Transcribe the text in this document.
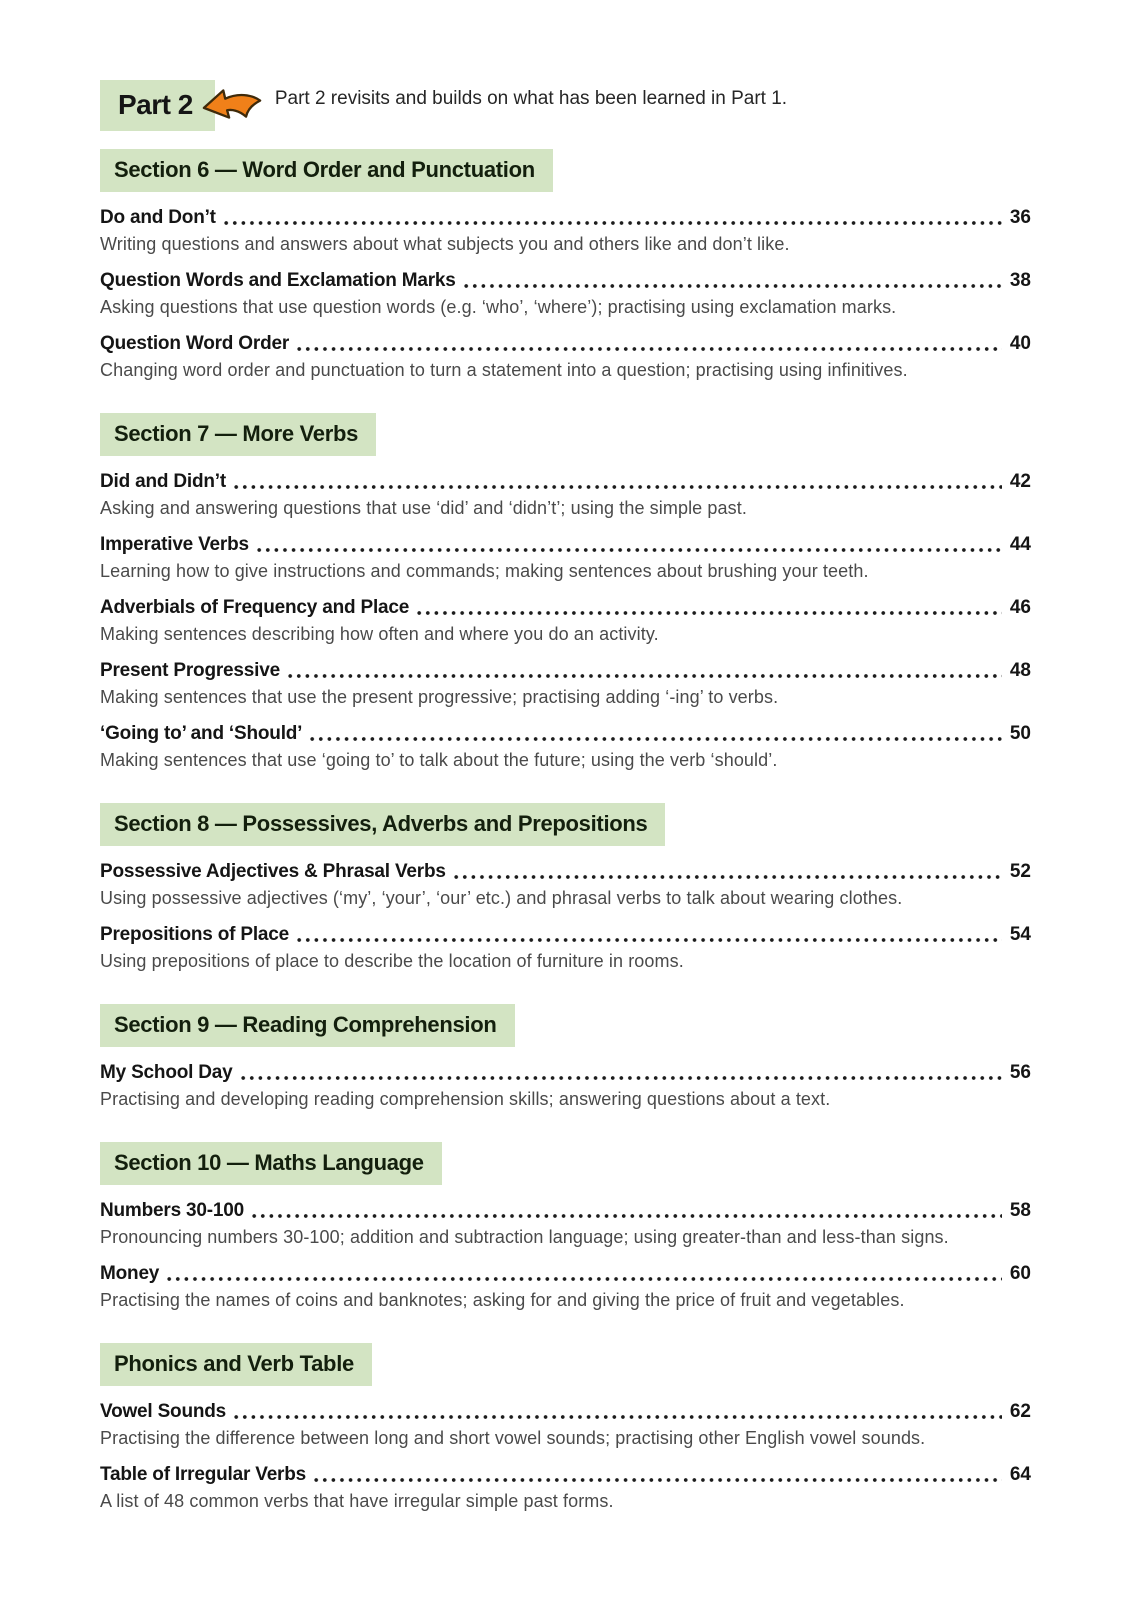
Part 2	Part 2 revisits and builds on what has been learned in Part 1.
Section 6 — Word Order and Punctuation
Do and Don’t	36
Writing questions and answers about what subjects you and others like and don’t like.
Question Words and Exclamation Marks	38
Asking questions that use question words (e.g. ‘who’, ‘where’); practising using exclamation marks.
Question Word Order	40
Changing word order and punctuation to turn a statement into a question; practising using infinitives.
Section 7 — More Verbs
Did and Didn’t	42
Asking and answering questions that use ‘did’ and ‘didn’t’; using the simple past.
Imperative Verbs	44
Learning how to give instructions and commands; making sentences about brushing your teeth.
Adverbials of Frequency and Place	46
Making sentences describing how often and where you do an activity.
Present Progressive	48
Making sentences that use the present progressive; practising adding ‘-ing’ to verbs.
‘Going to’ and ‘Should’	50
Making sentences that use ‘going to’ to talk about the future; using the verb ‘should’.
Section 8 — Possessives, Adverbs and Prepositions
Possessive Adjectives & Phrasal Verbs	52
Using possessive adjectives (‘my’, ‘your’, ‘our’ etc.) and phrasal verbs to talk about wearing clothes.
Prepositions of Place	54
Using prepositions of place to describe the location of furniture in rooms.
Section 9 — Reading Comprehension
My School Day	56
Practising and developing reading comprehension skills; answering questions about a text.
Section 10 — Maths Language
Numbers 30-100	58
Pronouncing numbers 30-100; addition and subtraction language; using greater-than and less-than signs.
Money	60
Practising the names of coins and banknotes; asking for and giving the price of fruit and vegetables.
Phonics and Verb Table
Vowel Sounds	62
Practising the difference between long and short vowel sounds; practising other English vowel sounds.
Table of Irregular Verbs	64
A list of 48 common verbs that have irregular simple past forms.
